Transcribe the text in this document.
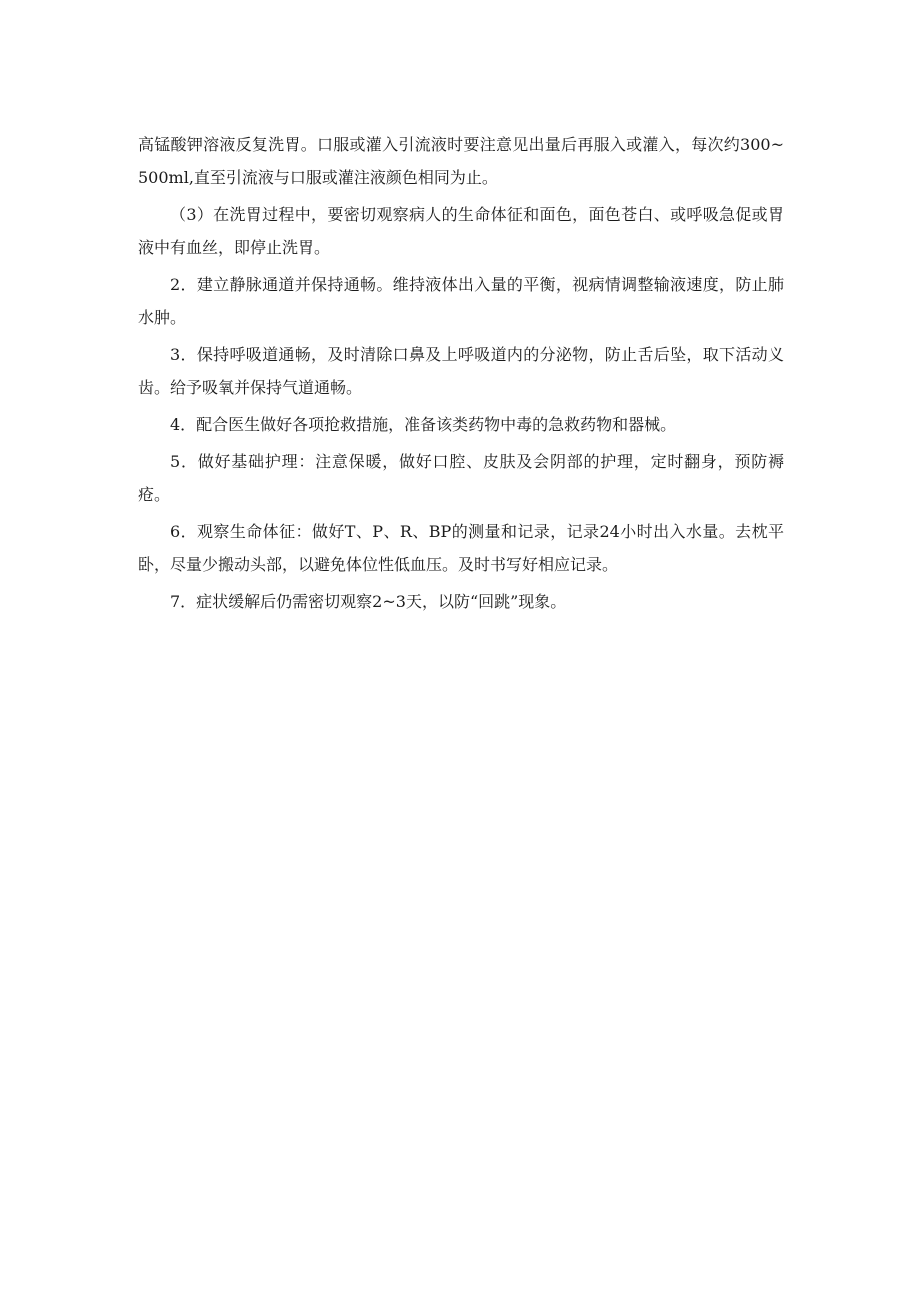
高锰酸钾溶液反复洗胃。口服或灌入引流液时要注意见出量后再服入或灌入，每次约300~500ml,直至引流液与口服或灌注液颜色相同为止。

（3）在洗胃过程中，要密切观察病人的生命体征和面色，面色苍白、或呼吸急促或胃液中有血丝，即停止洗胃。

2．建立静脉通道并保持通畅。维持液体出入量的平衡，视病情调整输液速度，防止肺水肿。

3．保持呼吸道通畅，及时清除口鼻及上呼吸道内的分泌物，防止舌后坠，取下活动义齿。给予吸氧并保持气道通畅。

4．配合医生做好各项抢救措施，准备该类药物中毒的急救药物和器械。

5．做好基础护理：注意保暖，做好口腔、皮肤及会阴部的护理，定时翻身，预防褥疮。

6．观察生命体征：做好T、P、R、BP的测量和记录，记录24小时出入水量。去枕平卧，尽量少搬动头部，以避免体位性低血压。及时书写好相应记录。

7．症状缓解后仍需密切观察2~3天，以防“回跳”现象。
